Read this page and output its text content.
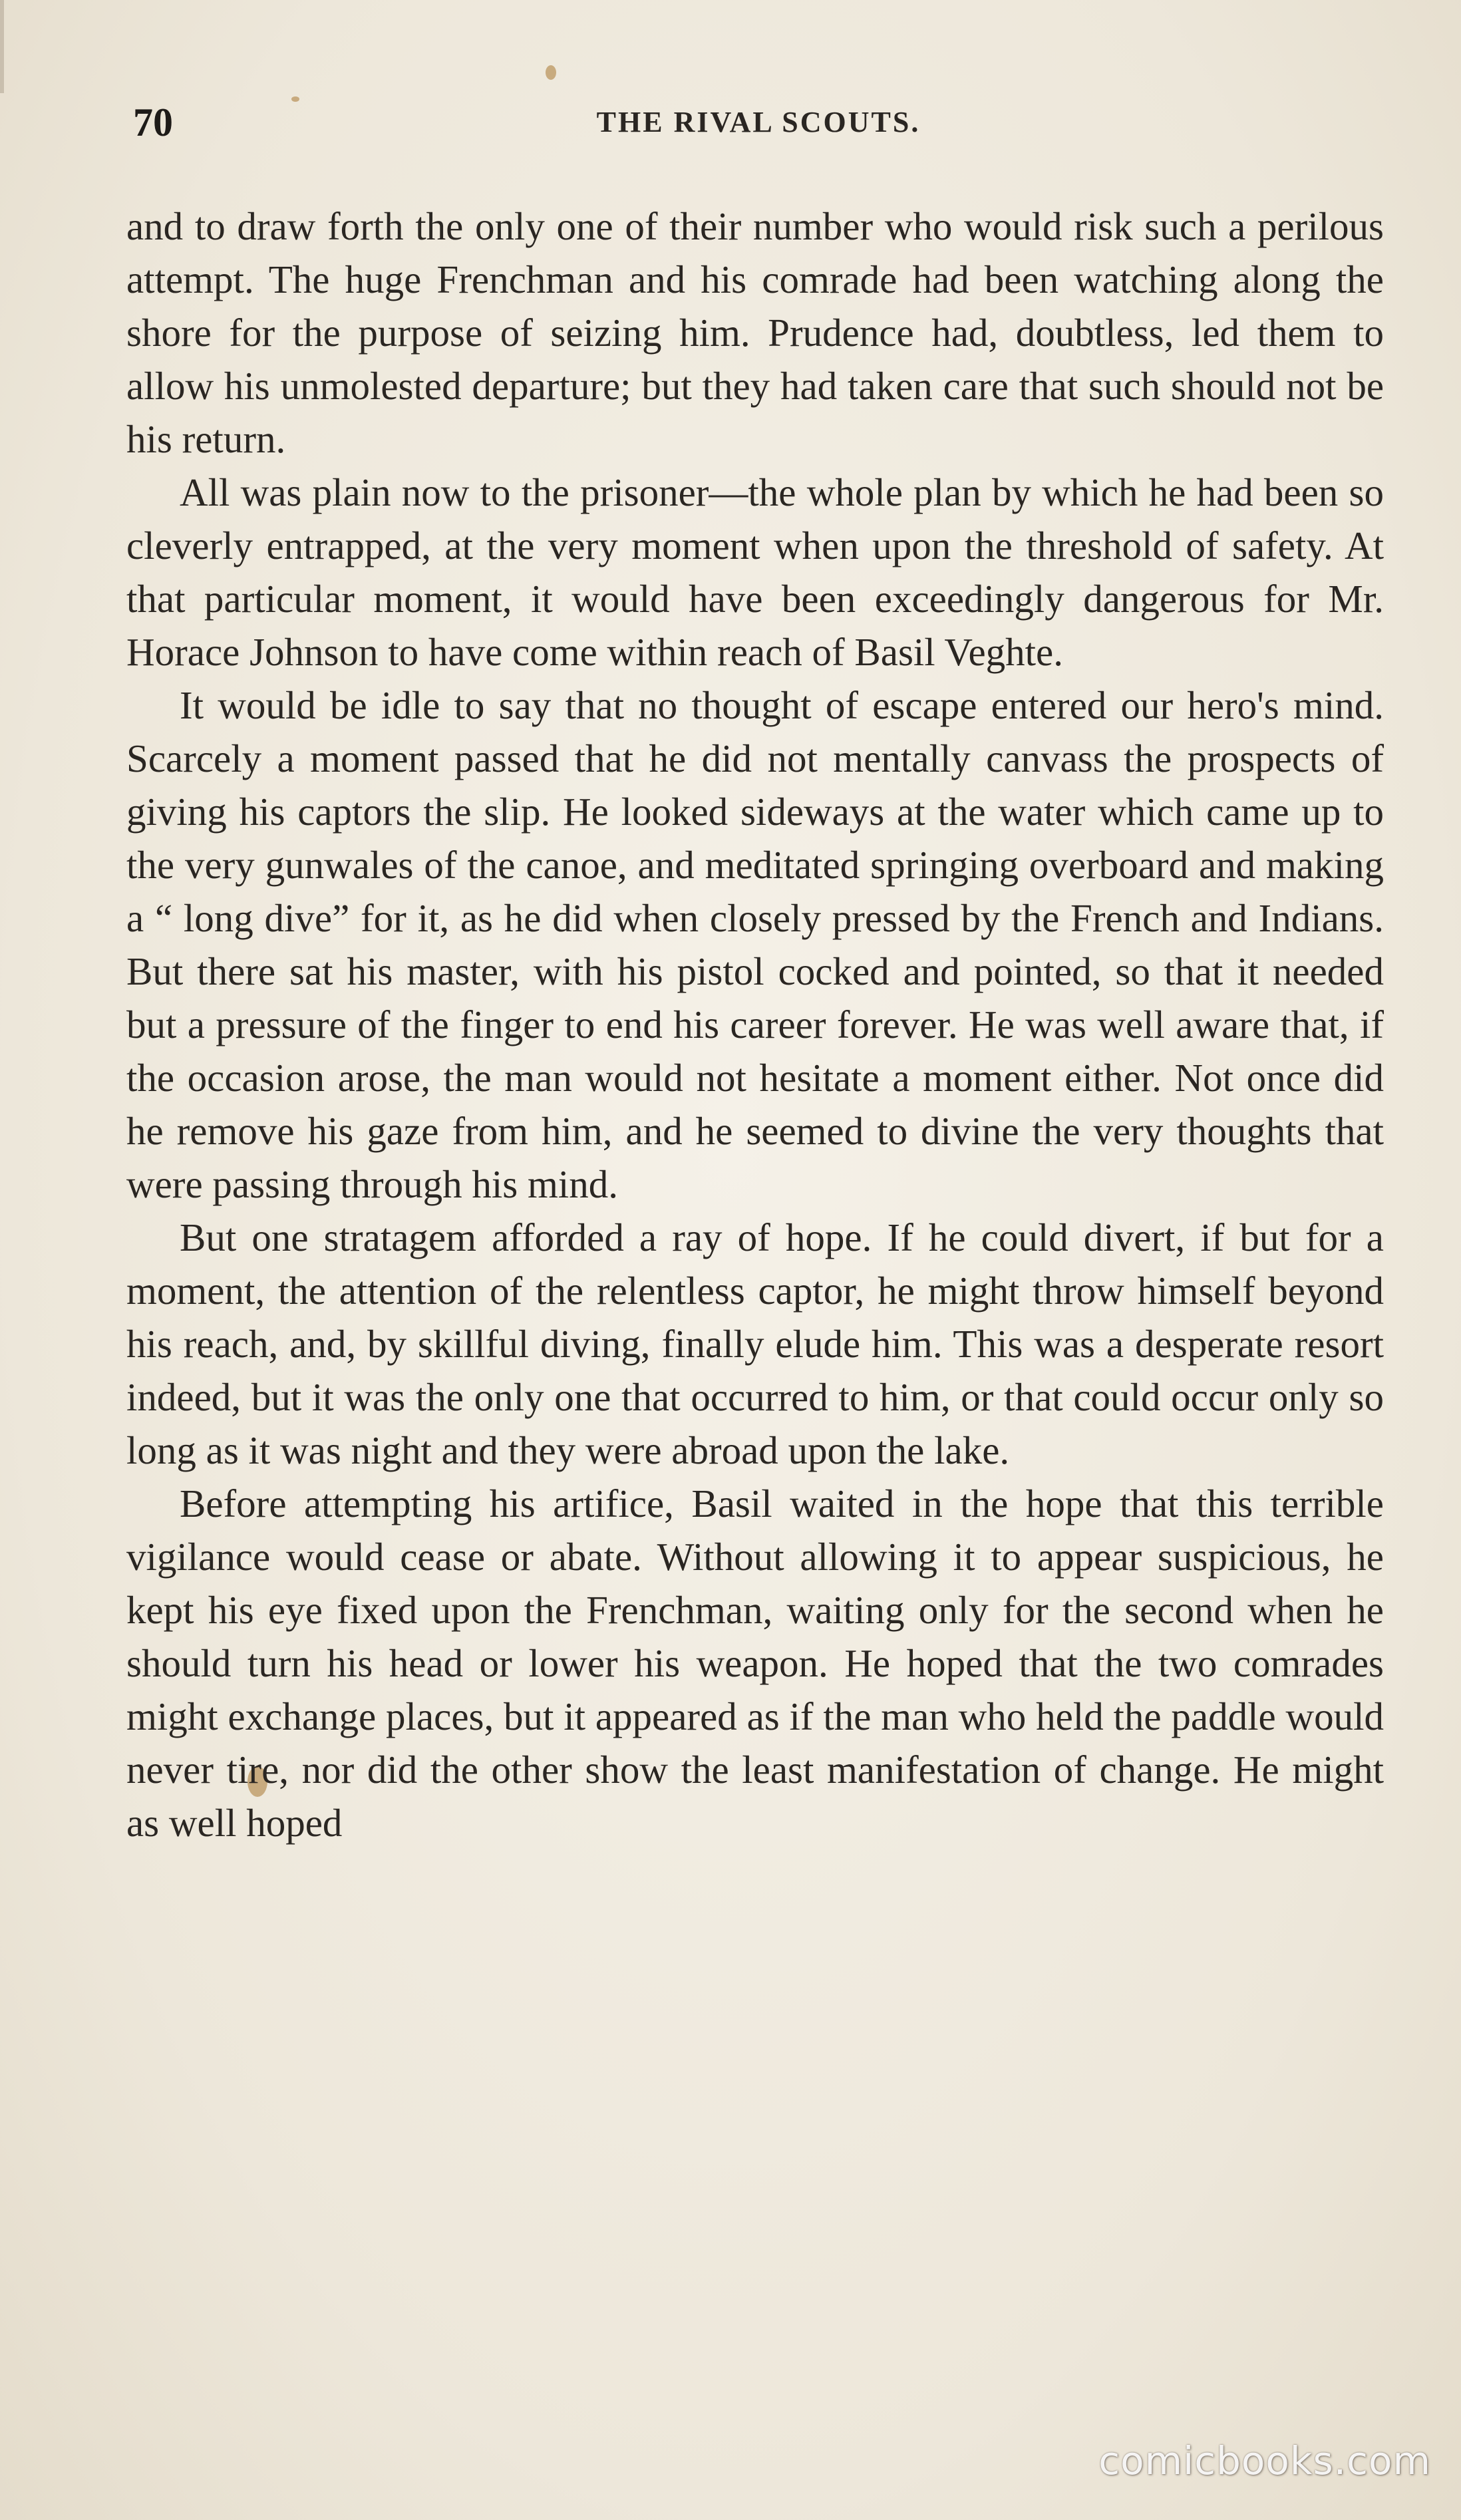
70	THE RIVAL SCOUTS.

and to draw forth the only one of their number who would risk such a perilous attempt. The huge Frenchman and his comrade had been watching along the shore for the purpose of seizing him. Prudence had, doubtless, led them to allow his unmolested departure; but they had taken care that such should not be his return.

All was plain now to the prisoner—the whole plan by which he had been so cleverly entrapped, at the very moment when upon the threshold of safety. At that particular moment, it would have been exceedingly dangerous for Mr. Horace Johnson to have come within reach of Basil Veghte.

It would be idle to say that no thought of escape entered our hero's mind. Scarcely a moment passed that he did not mentally canvass the prospects of giving his captors the slip. He looked sideways at the water which came up to the very gunwales of the canoe, and meditated springing overboard and making a “ long dive” for it, as he did when closely pressed by the French and Indians. But there sat his master, with his pistol cocked and pointed, so that it needed but a pressure of the finger to end his career forever. He was well aware that, if the occasion arose, the man would not hesitate a moment either. Not once did he remove his gaze from him, and he seemed to divine the very thoughts that were passing through his mind.

But one stratagem afforded a ray of hope. If he could divert, if but for a moment, the attention of the relentless captor, he might throw himself beyond his reach, and, by skillful diving, finally elude him. This was a desperate resort indeed, but it was the only one that occurred to him, or that could occur only so long as it was night and they were abroad upon the lake.

Before attempting his artifice, Basil waited in the hope that this terrible vigilance would cease or abate. Without allowing it to appear suspicious, he kept his eye fixed upon the Frenchman, waiting only for the second when he should turn his head or lower his weapon. He hoped that the two comrades might exchange places, but it appeared as if the man who held the paddle would never tire, nor did the other show the least manifestation of change. He might as well hoped

comicbooks.com
